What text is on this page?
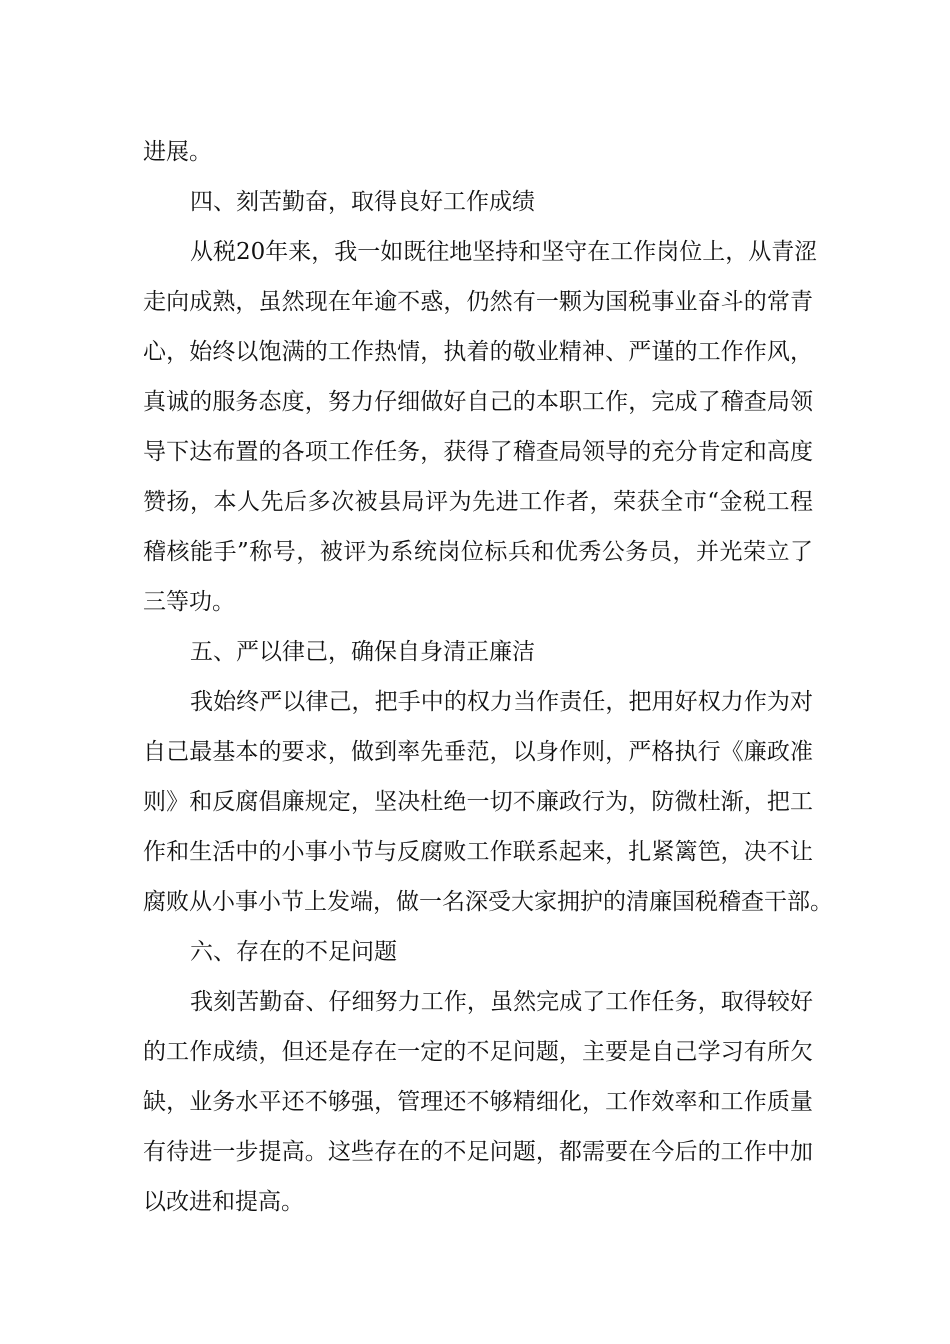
进展。
四、刻苦勤奋，取得良好工作成绩
从税20年来，我一如既往地坚持和坚守在工作岗位上，从青涩
走向成熟，虽然现在年逾不惑，仍然有一颗为国税事业奋斗的常青
心，始终以饱满的工作热情，执着的敬业精神、严谨的工作作风，
真诚的服务态度，努力仔细做好自己的本职工作，完成了稽查局领
导下达布置的各项工作任务，获得了稽查局领导的充分肯定和高度
赞扬，本人先后多次被县局评为先进工作者，荣获全市“金税工程
稽核能手”称号，被评为系统岗位标兵和优秀公务员，并光荣立了
三等功。
五、严以律己，确保自身清正廉洁
我始终严以律己，把手中的权力当作责任，把用好权力作为对
自己最基本的要求，做到率先垂范，以身作则，严格执行《廉政准
则》和反腐倡廉规定，坚决杜绝一切不廉政行为，防微杜渐，把工
作和生活中的小事小节与反腐败工作联系起来，扎紧篱笆，决不让
腐败从小事小节上发端，做一名深受大家拥护的清廉国税稽查干部。
六、存在的不足问题
我刻苦勤奋、仔细努力工作，虽然完成了工作任务，取得较好
的工作成绩，但还是存在一定的不足问题，主要是自己学习有所欠
缺，业务水平还不够强，管理还不够精细化，工作效率和工作质量
有待进一步提高。这些存在的不足问题，都需要在今后的工作中加
以改进和提高。
